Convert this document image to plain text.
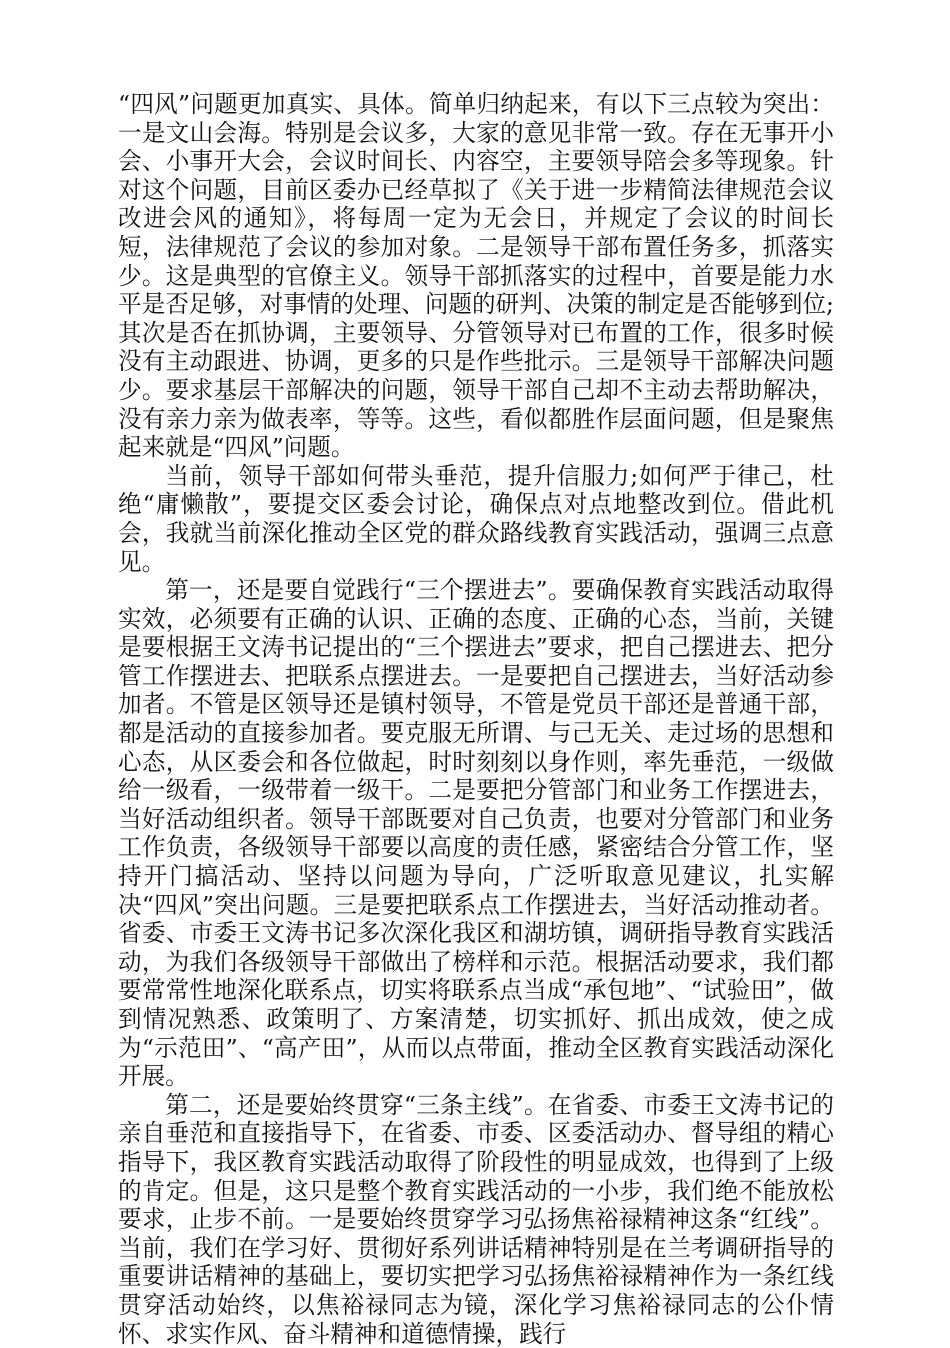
“四风”问题更加真实、具体。简单归纳起来，有以下三点较为突出：一是文山会海。特别是会议多，大家的意见非常一致。存在无事开小会、小事开大会，会议时间长、内容空，主要领导陪会多等现象。针对这个问题，目前区委办已经草拟了《关于进一步精简法律规范会议改进会风的通知》，将每周一定为无会日，并规定了会议的时间长短，法律规范了会议的参加对象。二是领导干部布置任务多，抓落实少。这是典型的官僚主义。领导干部抓落实的过程中，首要是能力水平是否足够，对事情的处理、问题的研判、决策的制定是否能够到位;其次是否在抓协调，主要领导、分管领导对已布置的工作，很多时候没有主动跟进、协调，更多的只是作些批示。三是领导干部解决问题少。要求基层干部解决的问题，领导干部自己却不主动去帮助解决，没有亲力亲为做表率，等等。这些，看似都胜作层面问题，但是聚焦起来就是“四风”问题。

当前，领导干部如何带头垂范，提升信服力;如何严于律己，杜绝“庸懒散”，要提交区委会讨论，确保点对点地整改到位。借此机会，我就当前深化推动全区党的群众路线教育实践活动，强调三点意见。

第一，还是要自觉践行“三个摆进去”。要确保教育实践活动取得实效，必须要有正确的认识、正确的态度、正确的心态，当前，关键是要根据王文涛书记提出的“三个摆进去”要求，把自己摆进去、把分管工作摆进去、把联系点摆进去。一是要把自己摆进去，当好活动参加者。不管是区领导还是镇村领导，不管是党员干部还是普通干部，都是活动的直接参加者。要克服无所谓、与己无关、走过场的思想和心态，从区委会和各位做起，时时刻刻以身作则，率先垂范，一级做给一级看，一级带着一级干。二是要把分管部门和业务工作摆进去，当好活动组织者。领导干部既要对自己负责，也要对分管部门和业务工作负责，各级领导干部要以高度的责任感，紧密结合分管工作，坚持开门搞活动、坚持以问题为导向，广泛听取意见建议，扎实解决“四风”突出问题。三是要把联系点工作摆进去，当好活动推动者。省委、市委王文涛书记多次深化我区和湖坊镇，调研指导教育实践活动，为我们各级领导干部做出了榜样和示范。根据活动要求，我们都要常常性地深化联系点，切实将联系点当成“承包地”、“试验田”，做到情况熟悉、政策明了、方案清楚，切实抓好、抓出成效，使之成为“示范田”、“高产田”，从而以点带面，推动全区教育实践活动深化开展。

第二，还是要始终贯穿“三条主线”。在省委、市委王文涛书记的亲自垂范和直接指导下，在省委、市委、区委活动办、督导组的精心指导下，我区教育实践活动取得了阶段性的明显成效，也得到了上级的肯定。但是，这只是整个教育实践活动的一小步，我们绝不能放松要求，止步不前。一是要始终贯穿学习弘扬焦裕禄精神这条“红线”。当前，我们在学习好、贯彻好系列讲话精神特别是在兰考调研指导的重要讲话精神的基础上，要切实把学习弘扬焦裕禄精神作为一条红线贯穿活动始终，以焦裕禄同志为镜，深化学习焦裕禄同志的公仆情怀、求实作风、奋斗精神和道德情操，践行
